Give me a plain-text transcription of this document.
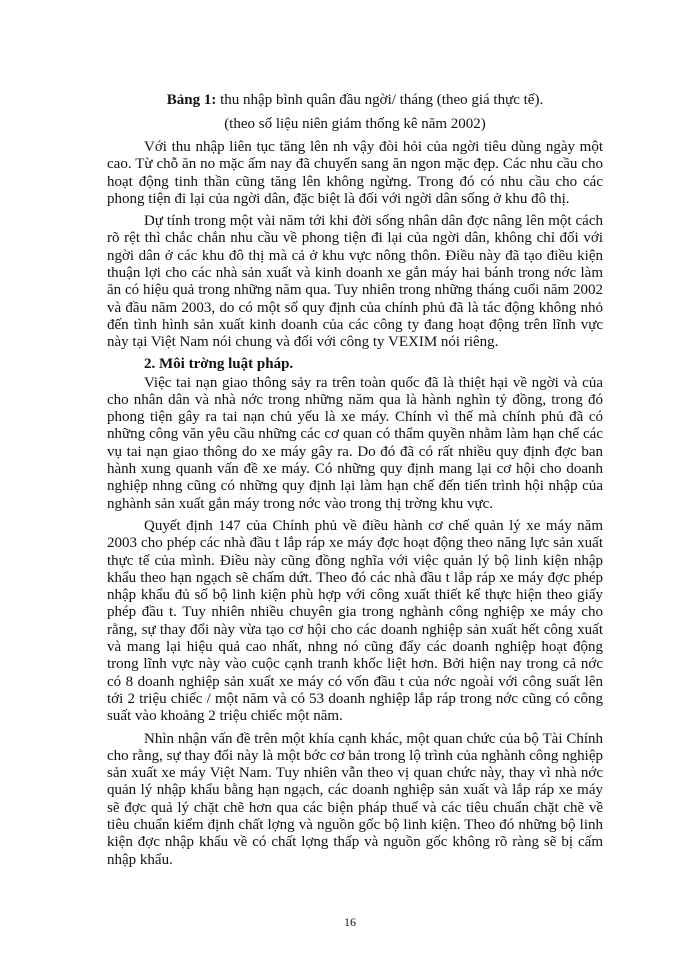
Bảng 1: thu nhập bình quân đầu ngời/ tháng (theo giá thực tế).
(theo số liệu niên giám thống kê năm 2002)

Với thu nhập liên tục tăng lên nh vậy đòi hỏi của ngời tiêu dùng ngày một cao. Từ chỗ ăn no mặc ấm nay đã chuyển sang ăn ngon mặc đẹp. Các nhu cầu cho hoạt động tinh thần cũng tăng lên không ngừng. Trong đó có nhu cầu cho các phong tiện đi lại của ngời dân, đặc biệt là đối với ngời dân sống ở khu đô thị.

Dự tính trong một vài năm tới khi đời sống nhân dân đợc nâng lên một cách rõ rệt thì chắc chắn nhu cầu về phong tiện đi lại của ngời dân, không chỉ đối với ngời dân ở các khu đô thị mà cả ở khu vực nông thôn. Điều này đã tạo điều kiện thuận lợi cho các nhà sản xuất và kinh doanh xe gắn máy hai bánh trong nớc làm ăn có hiệu quả trong những năm qua. Tuy nhiên trong những tháng cuối năm 2002 và đầu năm 2003, do có một số quy định của chính phủ đã là tác động không nhỏ đến tình hình sản xuất kinh doanh của các công ty đang hoạt động trên lĩnh vực này tại Việt Nam nói chung và đối với công ty VEXIM nói riêng.

2. Môi trờng luật pháp.

Việc tai nạn giao thông sảy ra trên toàn quốc đã là thiệt hại về ngời và của cho nhân dân và nhà nớc trong những năm qua là hành nghìn tỷ đồng, trong đó phong tiện gây ra tai nạn chủ yếu là xe máy. Chính vì thế mà chính phủ đã có những công văn yêu cầu những các cơ quan có thẩm quyền nhằm làm hạn chế các vụ tai nạn giao thông do xe máy gây ra. Do đó đã có rất nhiều quy định đợc ban hành xung quanh vấn đề xe máy. Có những quy định mang lại cơ hội cho doanh nghiệp nhng cũng có những quy định lại làm hạn chế đến tiến trình hội nhập của nghành sản xuất gắn máy trong nớc vào trong thị trờng khu vực.

Quyết định 147 của Chính phủ về điều hành cơ chế quản lý xe máy năm 2003 cho phép các nhà đầu t lắp ráp xe máy đợc hoạt động theo năng lực sản xuất thực tế của mình. Điều này cũng đồng nghĩa với việc quản lý bộ linh kiện nhập khẩu theo hạn ngạch sẽ chấm dứt. Theo đó các nhà đầu t lắp ráp xe máy đợc phép nhập khẩu đủ số bộ linh kiện phù hợp với công xuất thiết kế thực hiện theo giấy phép đầu t. Tuy nhiên nhiều chuyên gia trong nghành công nghiệp xe máy cho rằng, sự thay đổi này vừa tạo cơ hội cho các doanh nghiệp sản xuất hết công xuất và mang lại hiệu quả cao nhất, nhng nó cũng đẩy các doanh nghiệp hoạt động trong lĩnh vực này vào cuộc cạnh tranh khốc liệt hơn. Bởi hiện nay trong cả nớc có 8 doanh nghiệp sản xuất xe máy có vốn đầu t của nớc ngoài với công suất lên tới 2 triệu chiếc / một năm và có 53 doanh nghiệp lắp ráp trong nớc cũng có công suất vào khoảng 2 triệu chiếc một năm.

Nhìn nhận vấn đề trên một khía cạnh khác, một quan chức của bộ Tài Chính cho rằng, sự thay đổi này là một bớc cơ bản trong lộ trình của nghành công nghiệp sản xuất xe máy Việt Nam. Tuy nhiên vẫn theo vị quan chức này, thay vì nhà nớc quản lý nhập khẩu bằng hạn ngạch, các doanh nghiệp sản xuất và lắp ráp xe máy sẽ đợc quả lý chặt chẽ hơn qua các biện pháp thuế và các tiêu chuẩn chặt chẽ về tiêu chuẩn kiểm định chất lợng và nguồn gốc bộ linh kiện. Theo đó những bộ linh kiện đợc nhập khẩu về có chất lợng thấp và nguồn gốc không rõ ràng sẽ bị cấm nhập khẩu.

16
